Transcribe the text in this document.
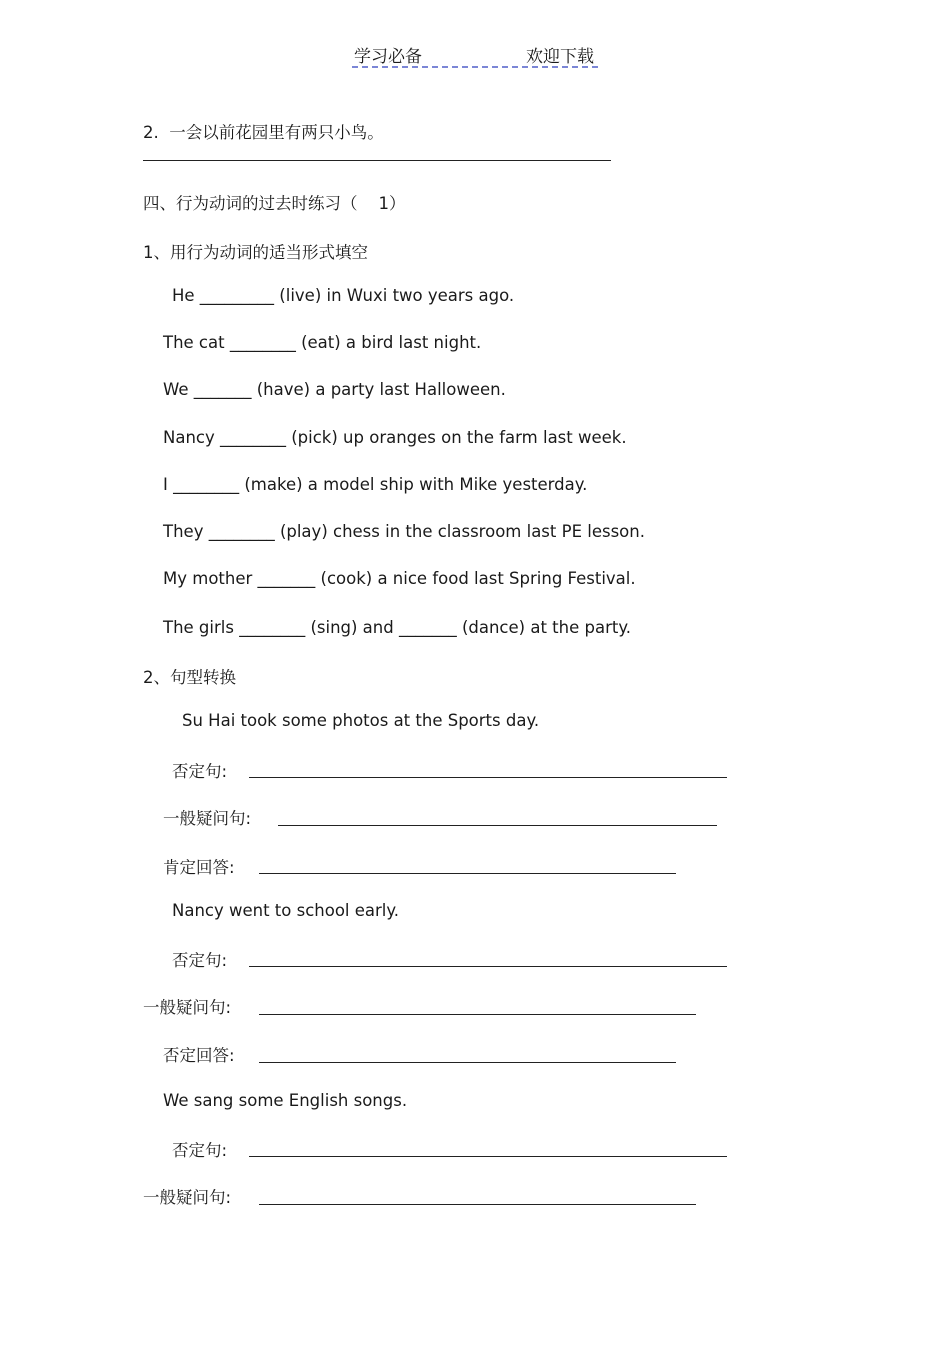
学习必备	欢迎下载
2.  一会以前花园里有两只小鸟。
四、行为动词的过去时练习（    1）
1、用行为动词的适当形式填空
He _________ (live) in Wuxi two years ago.
The cat ________ (eat) a bird last night.
We _______ (have) a party last Halloween.
Nancy ________ (pick) up oranges on the farm last week.
I ________ (make) a model ship with Mike yesterday.
They ________ (play) chess in the classroom last PE lesson.
My mother _______ (cook) a nice food last Spring Festival.
The girls ________ (sing) and _______ (dance) at the party.
2、句型转换
Su Hai took some photos at the Sports day.
否定句:
一般疑问句:
肯定回答:
Nancy went to school early.
否定句:
一般疑问句:
否定回答:
We sang some English songs.
否定句:
一般疑问句:
